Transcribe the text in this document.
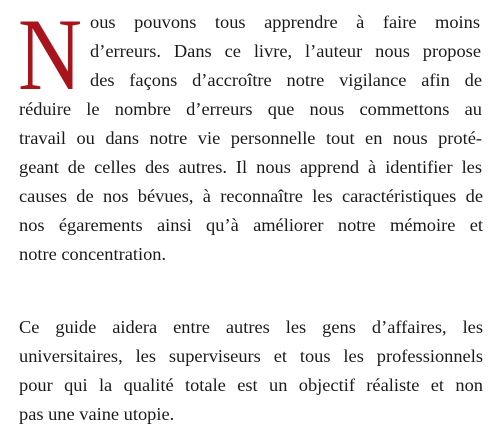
N ous pouvons tous apprendre à faire moins
d’erreurs. Dans ce livre, l’auteur nous propose
des façons d’accroître notre vigilance afin de
réduire le nombre d’erreurs que nous commettons au
travail ou dans notre vie personnelle tout en nous proté-
geant de celles des autres. Il nous apprend à identifier les
causes de nos bévues, à reconnaître les caractéristiques de
nos égarements ainsi qu’à améliorer notre mémoire et
notre concentration.
Ce guide aidera entre autres les gens d’affaires, les
universitaires, les superviseurs et tous les professionnels
pour qui la qualité totale est un objectif réaliste et non
pas une vaine utopie.
